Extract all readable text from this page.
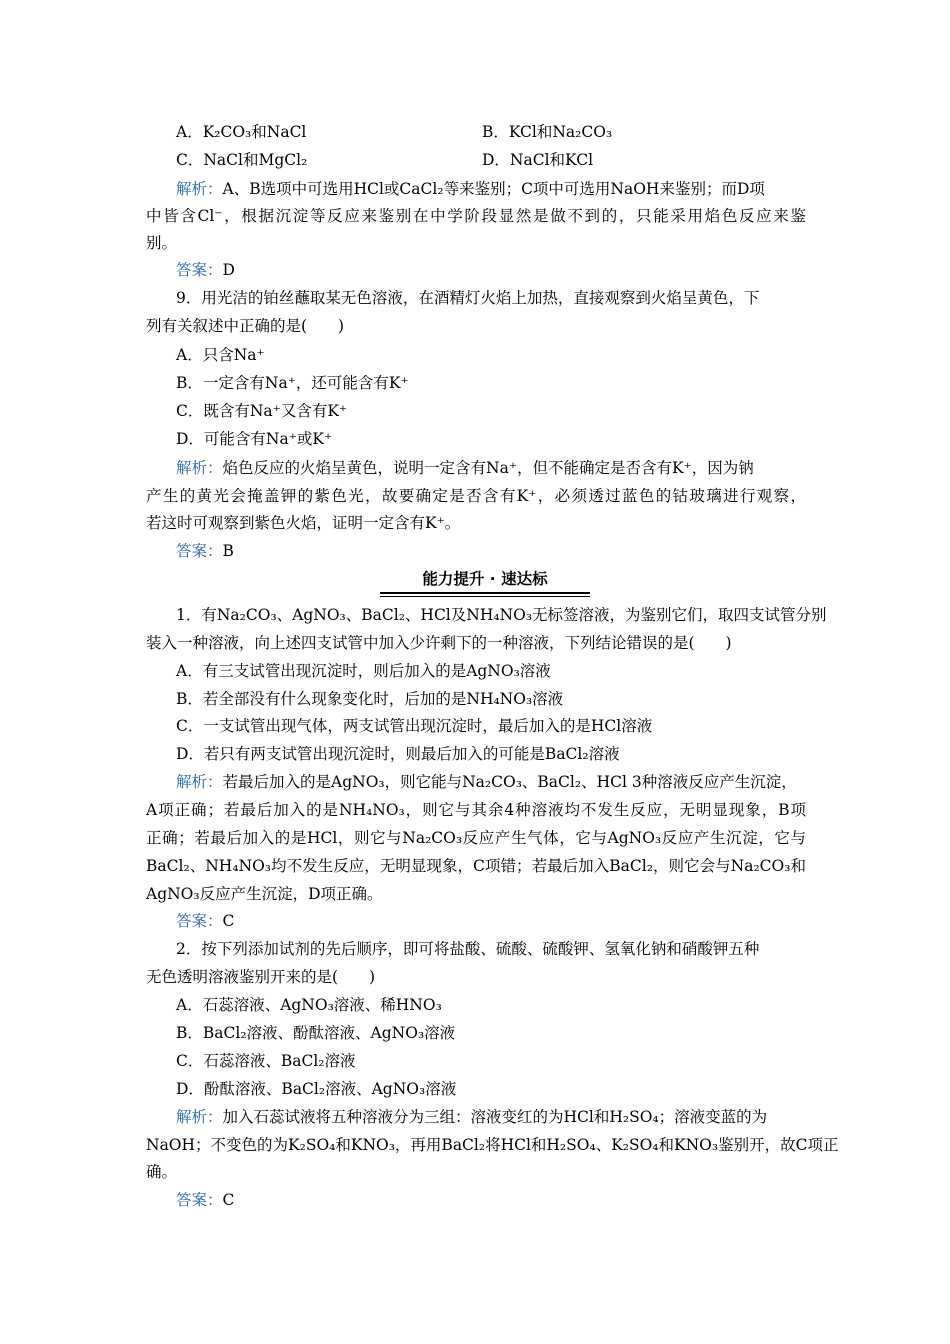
A．K₂CO₃和NaCl	B．KCl和Na₂CO₃
C．NaCl和MgCl₂	D．NaCl和KCl
解析：A、B选项中可选用HCl或CaCl₂等来鉴别；C项中可选用NaOH来鉴别；而D项
中皆含Cl⁻，根据沉淀等反应来鉴别在中学阶段显然是做不到的，只能采用焰色反应来鉴
别。
答案：D
9．用光洁的铂丝蘸取某无色溶液，在酒精灯火焰上加热，直接观察到火焰呈黄色，下
列有关叙述中正确的是(　　)
A．只含Na⁺
B．一定含有Na⁺，还可能含有K⁺
C．既含有Na⁺又含有K⁺
D．可能含有Na⁺或K⁺
解析：焰色反应的火焰呈黄色，说明一定含有Na⁺，但不能确定是否含有K⁺，因为钠
产生的黄光会掩盖钾的紫色光，故要确定是否含有K⁺，必须透过蓝色的钴玻璃进行观察，
若这时可观察到紫色火焰，证明一定含有K⁺。
答案：B
能力提升 · 速达标
1．有Na₂CO₃、AgNO₃、BaCl₂、HCl及NH₄NO₃无标签溶液，为鉴别它们，取四支试管分别
装入一种溶液，向上述四支试管中加入少许剩下的一种溶液，下列结论错误的是(　　)
A．有三支试管出现沉淀时，则后加入的是AgNO₃溶液
B．若全部没有什么现象变化时，后加的是NH₄NO₃溶液
C．一支试管出现气体，两支试管出现沉淀时，最后加入的是HCl溶液
D．若只有两支试管出现沉淀时，则最后加入的可能是BaCl₂溶液
解析：若最后加入的是AgNO₃，则它能与Na₂CO₃、BaCl₂、HCl 3种溶液反应产生沉淀，
A项正确；若最后加入的是NH₄NO₃，则它与其余4种溶液均不发生反应，无明显现象，B项
正确；若最后加入的是HCl，则它与Na₂CO₃反应产生气体，它与AgNO₃反应产生沉淀，它与
BaCl₂、NH₄NO₃均不发生反应，无明显现象，C项错；若最后加入BaCl₂，则它会与Na₂CO₃和
AgNO₃反应产生沉淀，D项正确。
答案：C
2．按下列添加试剂的先后顺序，即可将盐酸、硫酸、硫酸钾、氢氧化钠和硝酸钾五种
无色透明溶液鉴别开来的是(　　)
A．石蕊溶液、AgNO₃溶液、稀HNO₃
B．BaCl₂溶液、酚酞溶液、AgNO₃溶液
C．石蕊溶液、BaCl₂溶液
D．酚酞溶液、BaCl₂溶液、AgNO₃溶液
解析：加入石蕊试液将五种溶液分为三组：溶液变红的为HCl和H₂SO₄；溶液变蓝的为
NaOH；不变色的为K₂SO₄和KNO₃，再用BaCl₂将HCl和H₂SO₄、K₂SO₄和KNO₃鉴别开，故C项正
确。
答案：C
